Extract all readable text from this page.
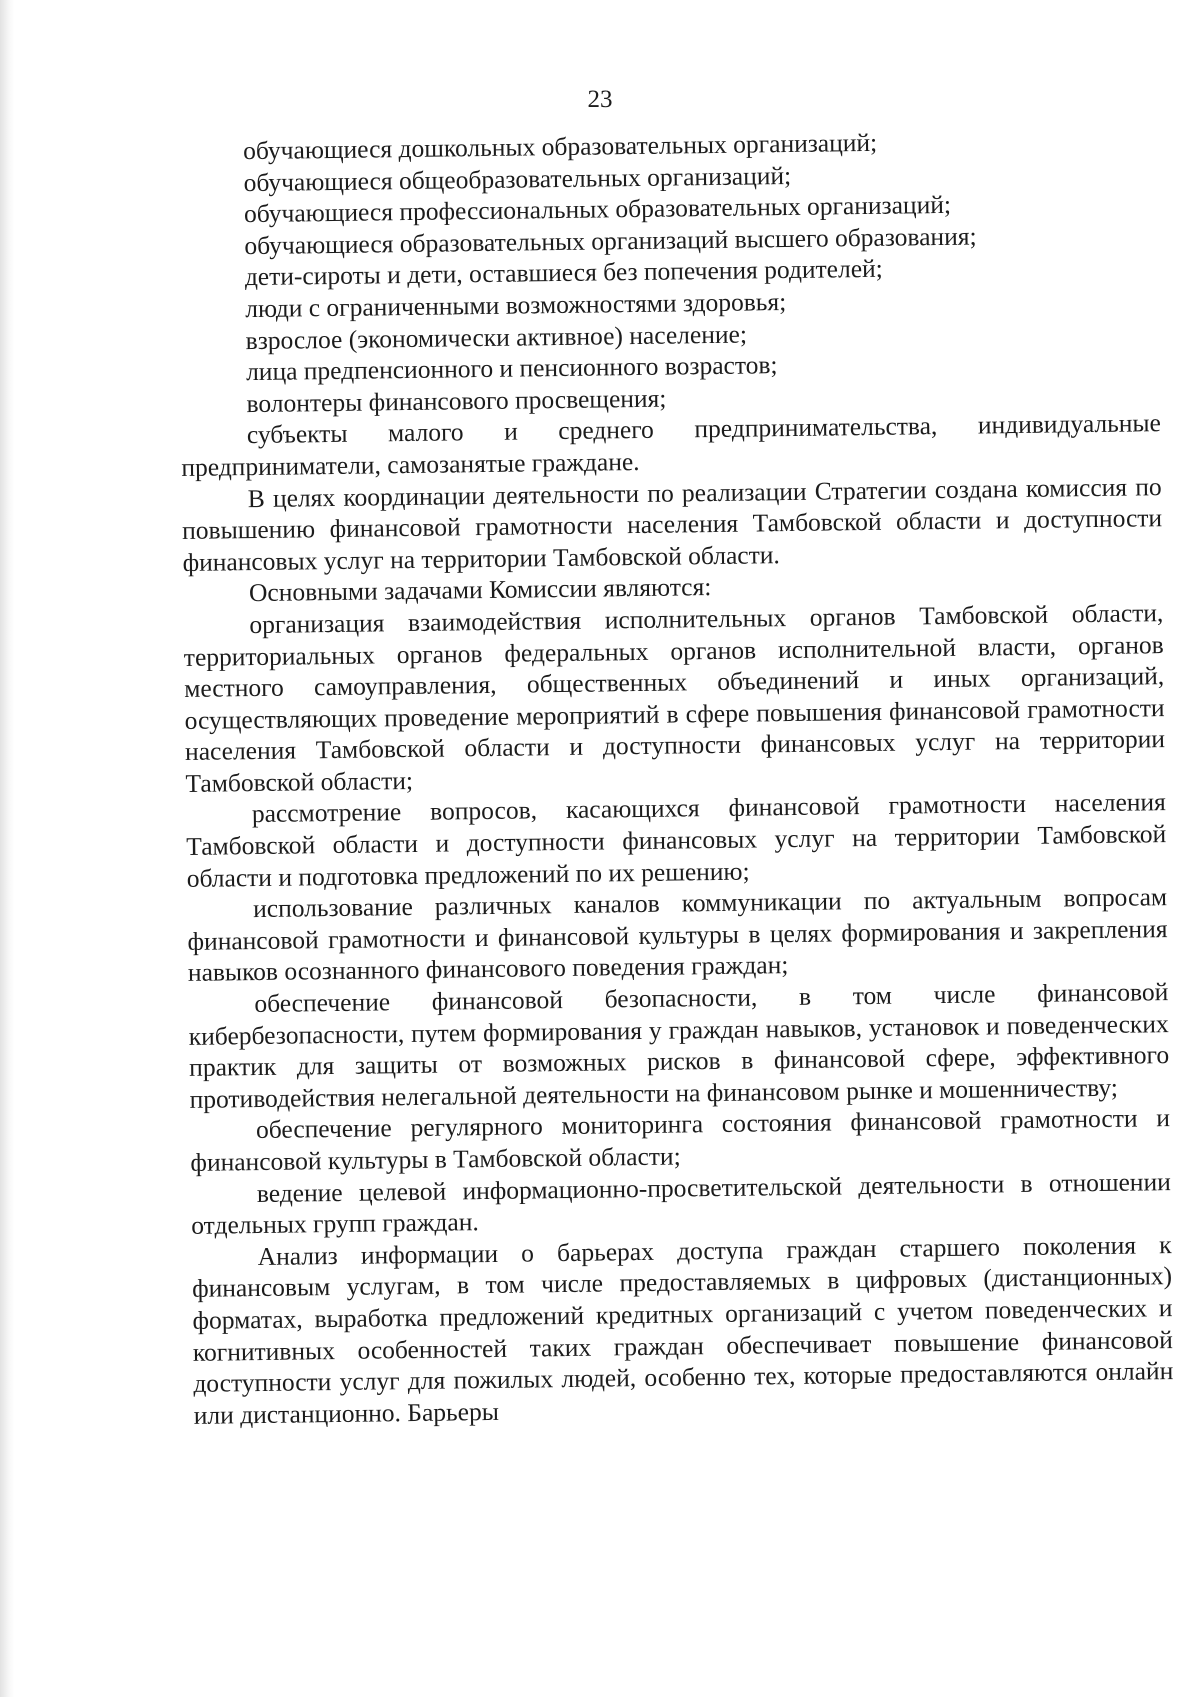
23

обучающиеся дошкольных образовательных организаций;

обучающиеся общеобразовательных организаций;

обучающиеся профессиональных образовательных организаций;

обучающиеся образовательных организаций высшего образования;

дети-сироты и дети, оставшиеся без попечения родителей;

люди с ограниченными возможностями здоровья;

взрослое (экономически активное) население;

лица предпенсионного и пенсионного возрастов;

волонтеры финансового просвещения;

субъекты малого и среднего предпринимательства, индивидуальные предприниматели, самозанятые граждане.

В целях координации деятельности по реализации Стратегии создана комиссия по повышению финансовой грамотности населения Тамбовской области и доступности финансовых услуг на территории Тамбовской области.

Основными задачами Комиссии являются:

организация взаимодействия исполнительных органов Тамбовской области, территориальных органов федеральных органов исполнительной власти, органов местного самоуправления, общественных объединений и иных организаций, осуществляющих проведение мероприятий в сфере повышения финансовой грамотности населения Тамбовской области и доступности финансовых услуг на территории Тамбовской области;

рассмотрение вопросов, касающихся финансовой грамотности населения Тамбовской области и доступности финансовых услуг на территории Тамбовской области и подготовка предложений по их решению;

использование различных каналов коммуникации по актуальным вопросам финансовой грамотности и финансовой культуры в целях формирования и закрепления навыков осознанного финансового поведения граждан;

обеспечение финансовой безопасности, в том числе финансовой кибербезопасности, путем формирования у граждан навыков, установок и поведенческих практик для защиты от возможных рисков в финансовой сфере, эффективного противодействия нелегальной деятельности на финансовом рынке и мошенничеству;

обеспечение регулярного мониторинга состояния финансовой грамотности и финансовой культуры в Тамбовской области;

ведение целевой информационно-просветительской деятельности в отношении отдельных групп граждан.

Анализ информации о барьерах доступа граждан старшего поколения к финансовым услугам, в том числе предоставляемых в цифровых (дистанционных) форматах, выработка предложений кредитных организаций с учетом поведенческих и когнитивных особенностей таких граждан обеспечивает повышение финансовой доступности услуг для пожилых людей, особенно тех, которые предоставляются онлайн или дистанционно. Барьеры
